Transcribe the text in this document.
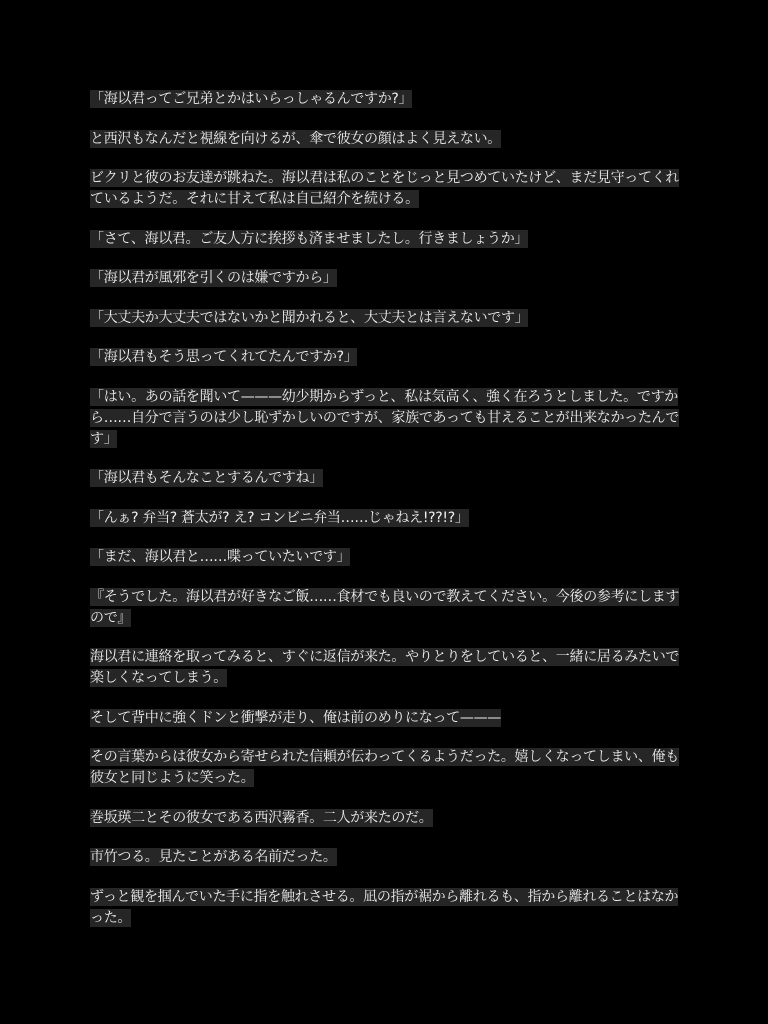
「海以君ってご兄弟とかはいらっしゃるんですか?」

と西沢もなんだと視線を向けるが、傘で彼女の顔はよく見えない。

ビクリと彼のお友達が跳ねた。海以君は私のことをじっと見つめていたけど、まだ見守ってくれているようだ。それに甘えて私は自己紹介を続ける。

「さて、海以君。ご友人方に挨拶も済ませましたし。行きましょうか」

「海以君が風邪を引くのは嫌ですから」

「大丈夫か大丈夫ではないかと聞かれると、大丈夫とは言えないです」

「海以君もそう思ってくれてたんですか?」

「はい。あの話を聞いて———幼少期からずっと、私は気高く、強く在ろうとしました。ですから……自分で言うのは少し恥ずかしいのですが、家族であっても甘えることが出来なかったんです」

「海以君もそんなことするんですね」

「んぁ? 弁当? 蒼太が? え? コンビニ弁当……じゃねえ!??!?」

「まだ、海以君と……喋っていたいです」

『そうでした。海以君が好きなご飯……食材でも良いので教えてください。今後の参考にしますので』

海以君に連絡を取ってみると、すぐに返信が来た。やりとりをしていると、一緒に居るみたいで楽しくなってしまう。

そして背中に強くドンと衝撃が走り、俺は前のめりになって———

その言葉からは彼女から寄せられた信頼が伝わってくるようだった。嬉しくなってしまい、俺も彼女と同じように笑った。

巻坂瑛二とその彼女である西沢霧香。二人が来たのだ。

市竹つる。見たことがある名前だった。

ずっと観を掴んでいた手に指を触れさせる。凪の指が裾から離れるも、指から離れることはなかった。
